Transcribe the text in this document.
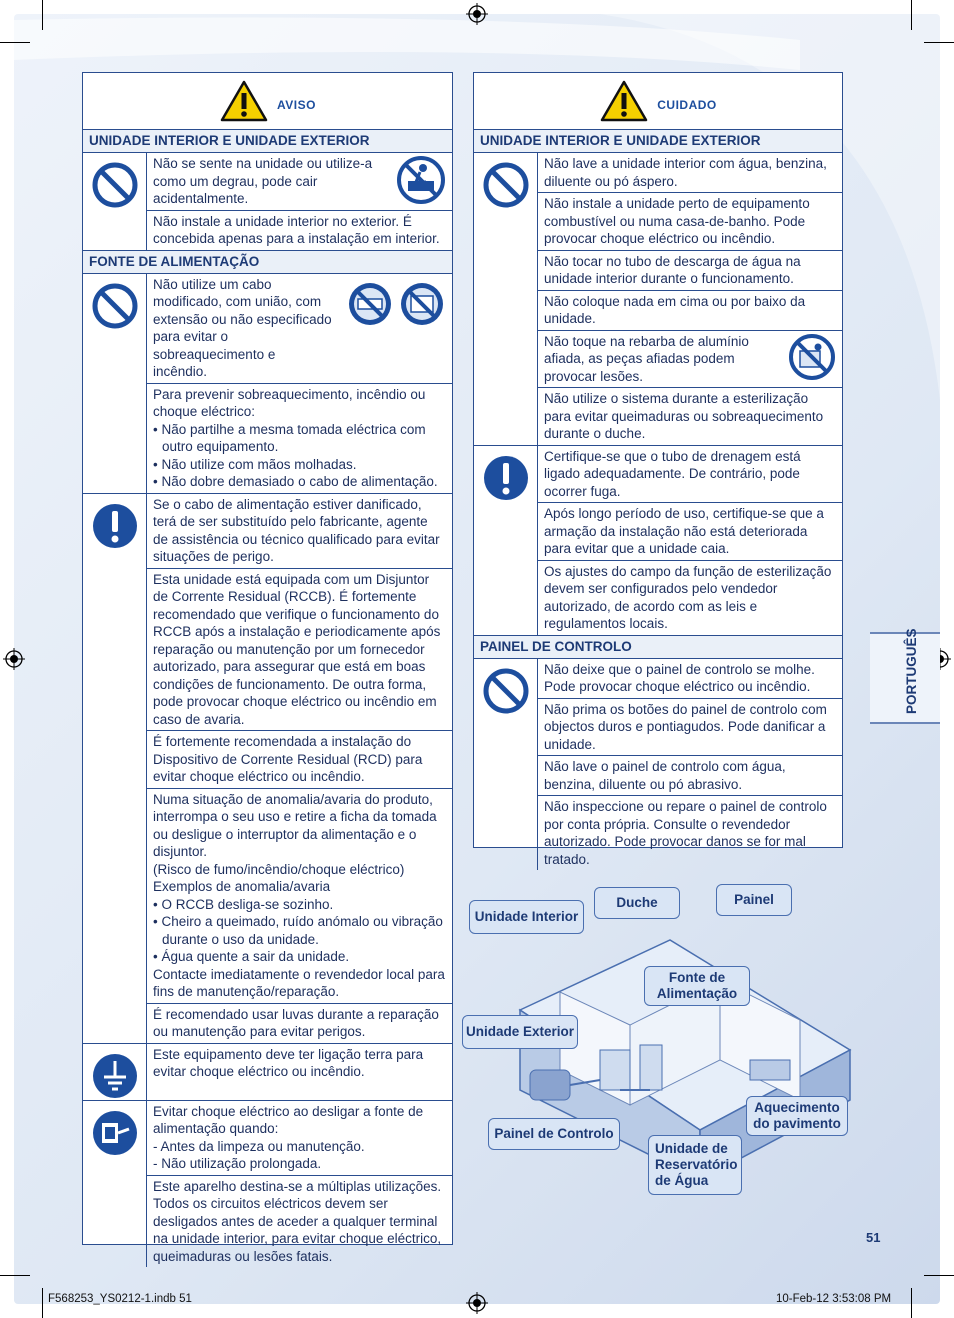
AVISO
UNIDADE INTERIOR E UNIDADE EXTERIOR
Não se sente na unidade ou utilize-a como um degrau, pode cair acidentalmente.
Não instale a unidade interior no exterior. É concebida apenas para a instalação em interior.
FONTE DE ALIMENTAÇÃO
Não utilize um cabo modificado, com união, com extensão ou não especificado para evitar o sobreaquecimento e incêndio.
Para prevenir sobreaquecimento, incêndio ou choque eléctrico:
• Não partilhe a mesma tomada eléctrica com outro equipamento.
• Não utilize com mãos molhadas.
• Não dobre demasiado o cabo de alimentação.
Se o cabo de alimentação estiver danificado, terá de ser substituído pelo fabricante, agente de assistência ou técnico qualificado para evitar situações de perigo.
Esta unidade está equipada com um Disjuntor de Corrente Residual (RCCB). É fortemente recomendado que verifique o funcionamento do RCCB após a instalação e periodicamente após reparação ou manutenção por um fornecedor autorizado, para assegurar que está em boas condições de funcionamento. De outra forma, pode provocar choque eléctrico ou incêndio em caso de avaria.
É fortemente recomendada a instalação do Dispositivo de Corrente Residual (RCD) para evitar choque eléctrico ou incêndio.
Numa situação de anomalia/avaria do produto, interrompa o seu uso e retire a ficha da tomada ou desligue o interruptor da alimentação e o disjuntor.
(Risco de fumo/incêndio/choque eléctrico)
Exemplos de anomalia/avaria
• O RCCB desliga-se sozinho.
• Cheiro a queimado, ruído anómalo ou vibração durante o uso da unidade.
• Água quente a sair da unidade.
Contacte imediatamente o revendedor local para fins de manutenção/reparação.
É recomendado usar luvas durante a reparação ou manutenção para evitar perigos.
Este equipamento deve ter ligação terra para evitar choque eléctrico ou incêndio.
Evitar choque eléctrico ao desligar a fonte de alimentação quando:
- Antes da limpeza ou manutenção.
- Não utilização prolongada.
Este aparelho destina-se a múltiplas utilizações. Todos os circuitos eléctricos devem ser desligados antes de aceder a qualquer terminal na unidade interior, para evitar choque eléctrico, queimaduras ou lesões fatais.
CUIDADO
UNIDADE INTERIOR E UNIDADE EXTERIOR
Não lave a unidade interior com água, benzina, diluente ou pó áspero.
Não instale a unidade perto de equipamento combustível ou numa casa-de-banho. Pode provocar choque eléctrico ou incêndio.
Não tocar no tubo de descarga de água na unidade interior durante o funcionamento.
Não coloque nada em cima ou por baixo da unidade.
Não toque na rebarba de alumínio afiada, as peças afiadas podem provocar lesões.
Não utilize o sistema durante a esterilização para evitar queimaduras ou sobreaquecimento durante o duche.
Certifique-se que o tubo de drenagem está ligado adequadamente. De contrário, pode ocorrer fuga.
Após longo período de uso, certifique-se que a armação da instalação não está deteriorada para evitar que a unidade caia.
Os ajustes do campo da função de esterilização devem ser configurados pelo vendedor autorizado, de acordo com as leis e regulamentos locais.
PAINEL DE CONTROLO
Não deixe que o painel de controlo se molhe. Pode provocar choque eléctrico ou incêndio.
Não prima os botões do painel de controlo com objectos duros e pontiagudos. Pode danificar a unidade.
Não lave o painel de controlo com água, benzina, diluente ou pó abrasivo.
Não inspeccione ou repare o painel de controlo por conta própria. Consulte o revendedor autorizado. Pode provocar danos se for mal tratado.
PORTUGUÊS
51
Unidade Interior
Duche	Painel
Fonte de Alimentação
Unidade Exterior
Painel de Controlo
Unidade de Reservatório de Água
Aquecimento do pavimento
F568253_YS0212-1.indb 51	10-Feb-12 3:53:08 PM
